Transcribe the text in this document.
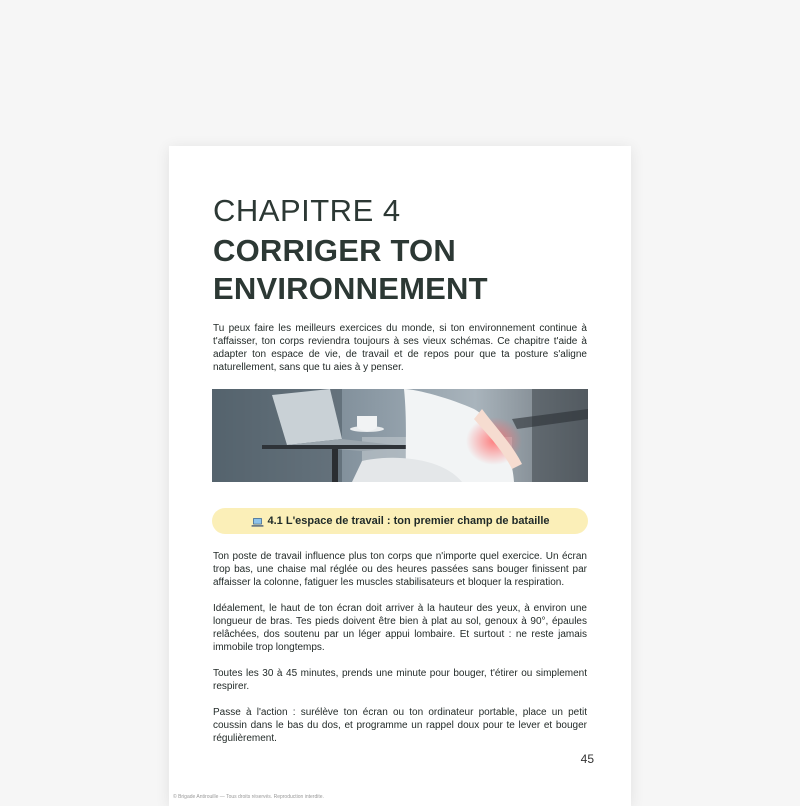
CHAPITRE 4
CORRIGER TON ENVIRONNEMENT

Tu peux faire les meilleurs exercices du monde, si ton environnement continue à t'affaisser, ton corps reviendra toujours à ses vieux schémas. Ce chapitre t'aide à adapter ton espace de vie, de travail et de repos pour que ta posture s'aligne naturellement, sans que tu aies à y penser.

4.1 L'espace de travail : ton premier champ de bataille

Ton poste de travail influence plus ton corps que n'importe quel exercice. Un écran trop bas, une chaise mal réglée ou des heures passées sans bouger finissent par affaisser la colonne, fatiguer les muscles stabilisateurs et bloquer la respiration.

Idéalement, le haut de ton écran doit arriver à la hauteur des yeux, à environ une longueur de bras. Tes pieds doivent être bien à plat au sol, genoux à 90°, épaules relâchées, dos soutenu par un léger appui lombaire. Et surtout : ne reste jamais immobile trop longtemps.

Toutes les 30 à 45 minutes, prends une minute pour bouger, t'étirer ou simplement respirer.

Passe à l'action : surélève ton écran ou ton ordinateur portable, place un petit coussin dans le bas du dos, et programme un rappel doux pour te lever et bouger régulièrement.

45
© Brigade Antirouille — Tous droits réservés. Reproduction interdite.
